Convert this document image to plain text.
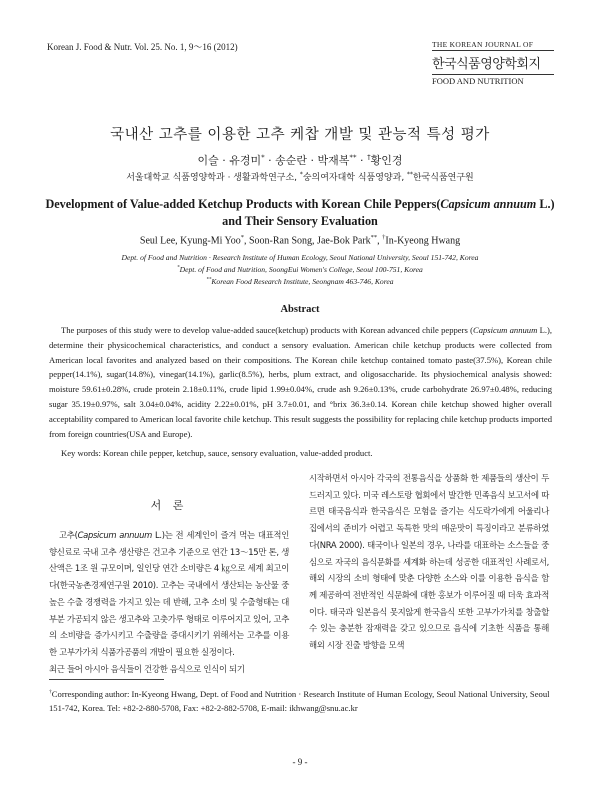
Korean J. Food & Nutr. Vol. 25. No. 1, 9～16 (2012)	THE KOREAN JOURNAL OF
한국식품영양학회지
FOOD AND NUTRITION
국내산 고추를 이용한 고추 케찹 개발 및 관능적 특성 평가
이슬 · 유경미* · 송순란 · 박재복** · †황인경
서울대학교 식품영양학과 · 생활과학연구소, *숭의여자대학 식품영양과, **한국식품연구원
Development of Value-added Ketchup Products with Korean Chile Peppers(Capsicum annuum L.)
and Their Sensory Evaluation
Seul Lee, Kyung-Mi Yoo*, Soon-Ran Song, Jae-Bok Park**, †In-Kyeong Hwang
Dept. of Food and Nutrition · Research Institute of Human Ecology, Seoul National University, Seoul 151-742, Korea
*Dept. of Food and Nutrition, SoongEui Women's College, Seoul 100-751, Korea
**Korean Food Research Institute, Seongnam 463-746, Korea
Abstract
The purposes of this study were to develop value-added sauce(ketchup) products with Korean advanced chile peppers (Capsicum annuum L.), determine their physicochemical characteristics, and conduct a sensory evaluation. American chile ketchup products were collected from American local favorites and analyzed based on their compositions. The Korean chile ketchup contained tomato paste(37.5%), Korean chile pepper(14.1%), sugar(14.8%), vinegar(14.1%), garlic(8.5%), herbs, plum extract, and oligosaccharide. Its physiochemical analysis showed: moisture 59.61±0.28%, crude protein 2.18±0.11%, crude lipid 1.99±0.04%, crude ash 9.26±0.13%, crude carbohydrate 26.97±0.48%, reducing sugar 35.19±0.97%, salt 3.04±0.04%, acidity 2.22±0.01%, pH 3.7±0.01, and °brix 36.3±0.14. Korean chile ketchup showed higher overall acceptability compared to American local favorite chile ketchup. This result suggests the possibility for replacing chile ketchup products imported from foreign countries(USA and Europe).
Key words: Korean chile pepper, ketchup, sauce, sensory evaluation, value-added product.
서 론
고추(Capsicum annuum L.)는 전 세계인이 즐겨 먹는 대표적인 향신료로 국내 고추 생산량은 건고추 기준으로 연간 13～15만 톤, 생산액은 1조 원 규모이며, 일인당 연간 소비량은 4 ㎏으로 세계 최고이다(한국농촌경제연구원 2010). 고추는 국내에서 생산되는 농산물 중 높은 수출 경쟁력을 가지고 있는 데 반해, 고추 소비 및 수출형태는 대부분 가공되지 않은 생고추와 고춧가루 형태로 이루어지고 있어, 고추의 소비량을 증가시키고 수출량을 증대시키기 위해서는 고추를 이용한 고부가가치 식품가공품의 개발이 필요한 실정이다.
최근 들어 아시아 음식들이 건강한 음식으로 인식이 되기
시작하면서 아시아 각국의 전통음식을 상품화 한 제품들의 생산이 두드러지고 있다. 미국 레스토랑 협회에서 발간한 민족음식 보고서에 따르면 태국음식과 한국음식은 모험을 즐기는 식도락가에게 어울리나 집에서의 준비가 어렵고 독특한 맛의 매운맛이 특징이라고 분류하였다(NRA 2000). 태국이나 일본의 경우, 나라를 대표하는 소스들을 중심으로 자국의 음식문화를 세계화 하는데 성공한 대표적인 사례로서, 해외 시장의 소비 형태에 맞춘 다양한 소스와 이를 이용한 음식을 함께 제공하여 전반적인 식문화에 대한 홍보가 이루어질 때 더욱 효과적이다. 태국과 일본음식 못지않게 한국음식 또한 고부가가치를 창출할 수 있는 충분한 잠재력을 갖고 있으므로 음식에 기초한 식품을 통해 해외 시장 진출 방향을 모색
†Corresponding author: In-Kyeong Hwang, Dept. of Food and Nutrition · Research Institute of Human Ecology, Seoul National University, Seoul 151-742, Korea. Tel: +82-2-880-5708, Fax: +82-2-882-5708, E-mail: ikhwang@snu.ac.kr
- 9 -
